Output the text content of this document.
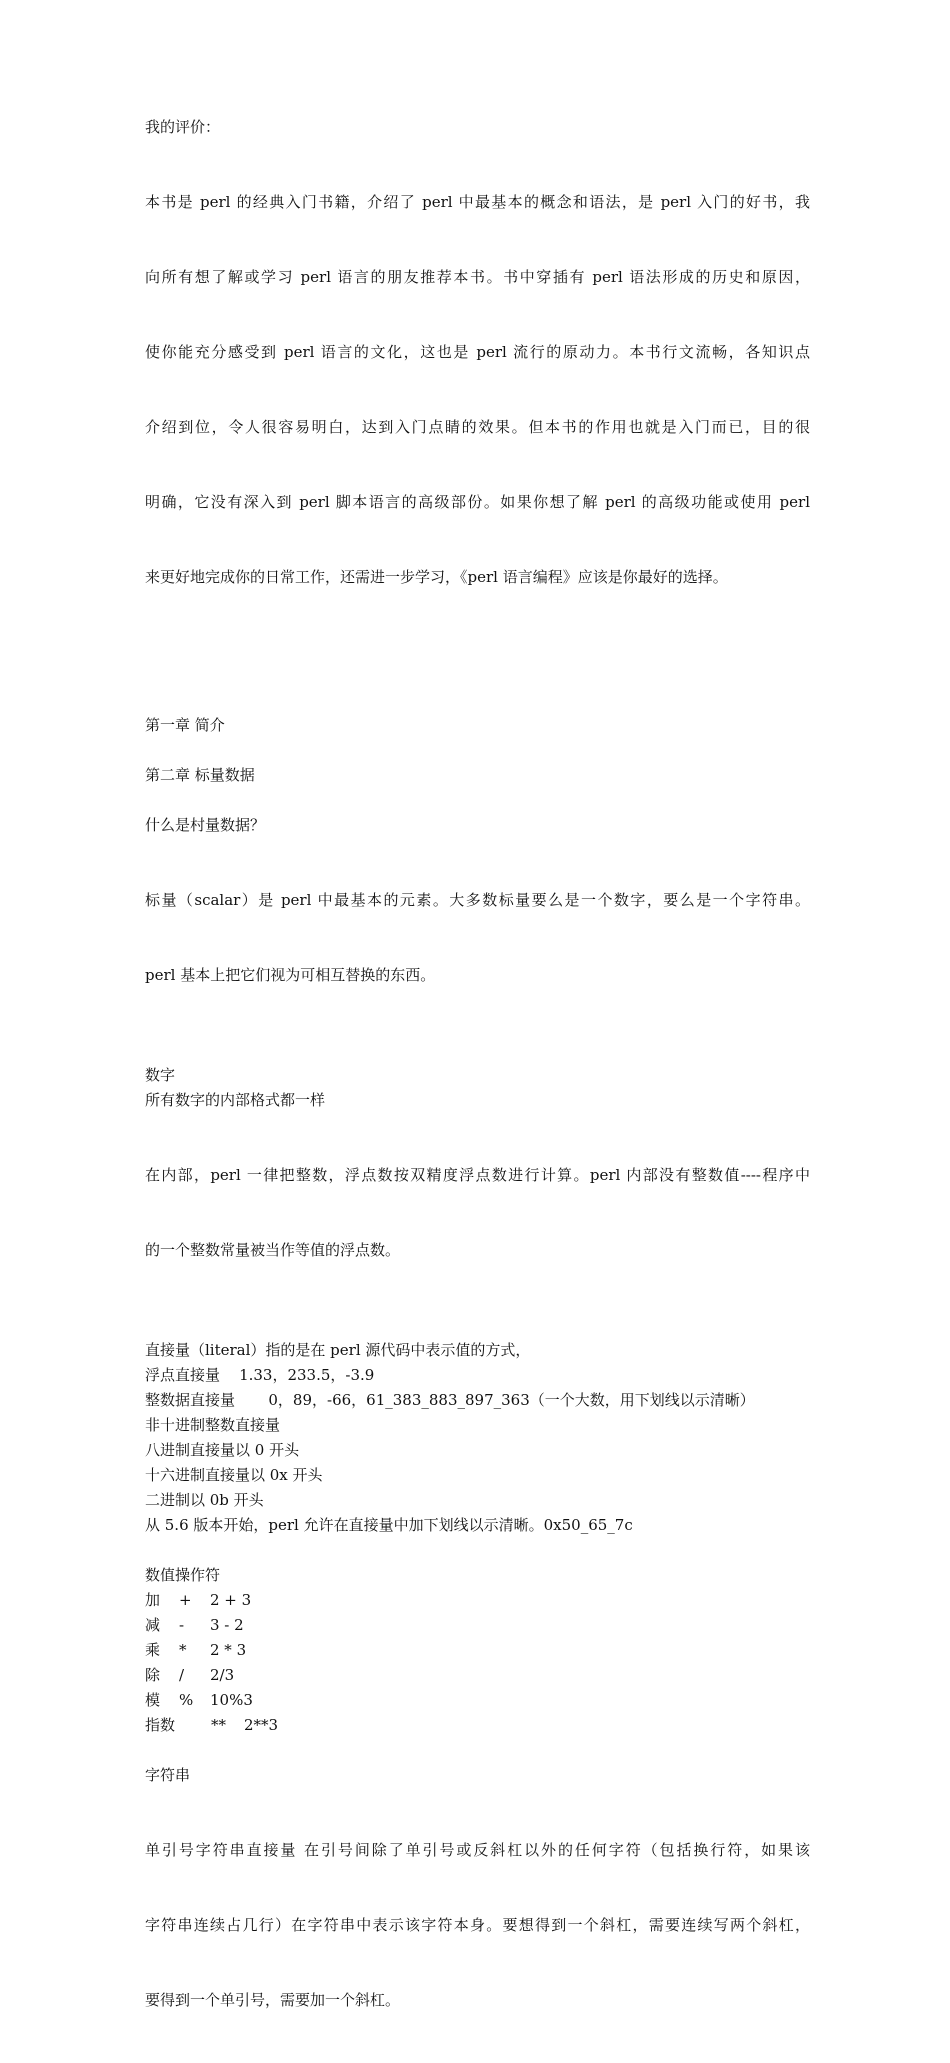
我的评价：

本书是 perl 的经典入门书籍，介绍了 perl 中最基本的概念和语法，是 perl 入门的好书，我

向所有想了解或学习 perl 语言的朋友推荐本书。书中穿插有 perl 语法形成的历史和原因，

使你能充分感受到 perl 语言的文化，这也是 perl 流行的原动力。本书行文流畅，各知识点

介绍到位，令人很容易明白，达到入门点睛的效果。但本书的作用也就是入门而已，目的很

明确，它没有深入到 perl 脚本语言的高级部份。如果你想了解 perl 的高级功能或使用 perl

来更好地完成你的日常工作，还需进一步学习，《perl 语言编程》应该是你最好的选择。

第一章 简介
第二章 标量数据
什么是村量数据？

标量（scalar）是 perl 中最基本的元素。大多数标量要么是一个数字，要么是一个字符串。

perl 基本上把它们视为可相互替换的东西。

数字
所有数字的内部格式都一样

在内部，perl 一律把整数，浮点数按双精度浮点数进行计算。perl 内部没有整数值----程序中

的一个整数常量被当作等值的浮点数。

直接量（literal）指的是在 perl 源代码中表示值的方式，
浮点直接量    1.33，233.5，-3.9
整数据直接量       0，89，-66，61_383_883_897_363（一个大数，用下划线以示清晰）
非十进制整数直接量
八进制直接量以 0 开头
十六进制直接量以 0x 开头
二进制以 0b 开头
从 5.6 版本开始，perl 允许在直接量中加下划线以示清晰。0x50_65_7c
数值操作符
加 + 2 + 3
减 - 3 - 2
乘 * 2 * 3
除 / 2/3
模 % 10%3
指数 ** 2**3
字符串

单引号字符串直接量 在引号间除了单引号或反斜杠以外的任何字符（包括换行符，如果该

字符串连续占几行）在字符串中表示该字符本身。要想得到一个斜杠，需要连续写两个斜杠，

要得到一个单引号，需要加一个斜杠。
